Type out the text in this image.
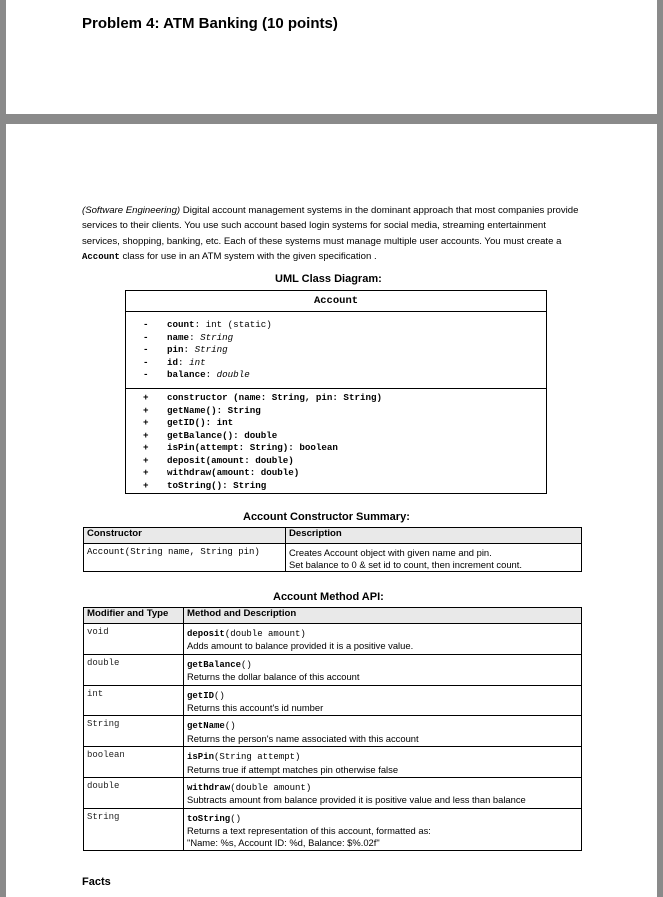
Problem 4: ATM Banking (10 points)

(Software Engineering) Digital account management systems in the dominant approach that most companies provide services to their clients. You use such account based login systems for social media, streaming entertainment services, shopping, banking, etc. Each of these systems must manage multiple user accounts. You must create a Account class for use in an ATM system with the given specification .

UML Class Diagram:
Account
- count: int (static)
- name: String
- pin: String
- id: int
- balance: double
+ constructor (name: String, pin: String)
+ getName(): String
+ getID(): int
+ getBalance(): double
+ isPin(attempt: String): boolean
+ deposit(amount: double)
+ withdraw(amount: double)
+ toString(): String
Account Constructor Summary:
Constructor	Description
Account(String name, String pin)	Creates Account object with given name and pin.
Set balance to 0 & set id to count, then increment count.
Account Method API:
Modifier and Type	Method and Description
void	deposit(double amount)
Adds amount to balance provided it is a positive value.

double	getBalance()
Returns the dollar balance of this account

int	getID()
Returns this account's id number

String	getName()
Returns the person's name associated with this account

boolean	isPin(String attempt)
Returns true if attempt matches pin otherwise false

double	withdraw(double amount)
Subtracts amount from balance provided it is positive value and less than balance

String	toString()
Returns a text representation of this account, formatted as:
"Name: %s, Account ID: %d, Balance: $%.02f"
Facts
